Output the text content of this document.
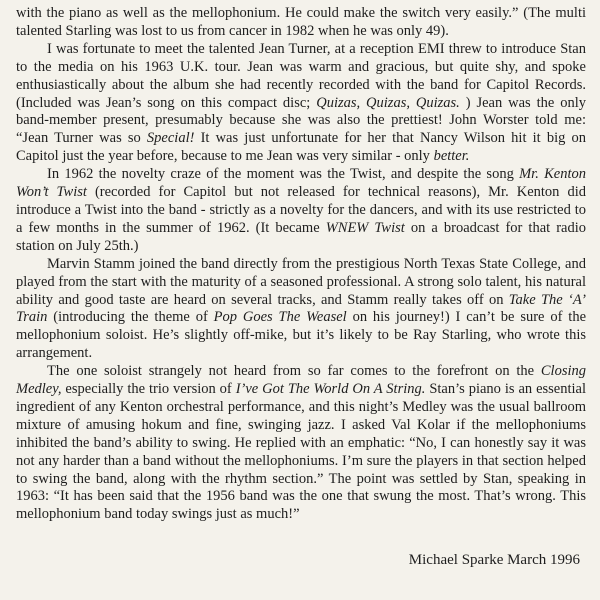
with the piano as well as the mellophonium. He could make the switch very easily.” (The multi talented Starling was lost to us from cancer in 1982 when he was only 49).

I was fortunate to meet the talented Jean Turner, at a reception EMI threw to introduce Stan to the media on his 1963 U.K. tour. Jean was warm and gracious, but quite shy, and spoke enthusiastically about the album she had recently recorded with the band for Capitol Records. (Included was Jean’s song on this compact disc; Quizas, Quizas, Quizas. ) Jean was the only band-member present, presumably because she was also the prettiest! John Worster told me: “Jean Turner was so Special! It was just unfortunate for her that Nancy Wilson hit it big on Capitol just the year before, because to me Jean was very similar - only better.

In 1962 the novelty craze of the moment was the Twist, and despite the song Mr. Kenton Won’t Twist (recorded for Capitol but not released for technical reasons), Mr. Kenton did introduce a Twist into the band - strictly as a novelty for the dancers, and with its use restricted to a few months in the summer of 1962. (It became WNEW Twist on a broadcast for that radio station on July 25th.)

Marvin Stamm joined the band directly from the prestigious North Texas State College, and played from the start with the maturity of a seasoned professional. A strong solo talent, his natural ability and good taste are heard on several tracks, and Stamm really takes off on Take The ‘A’ Train (introducing the theme of Pop Goes The Weasel on his journey!) I can’t be sure of the mellophonium soloist. He’s slightly off-mike, but it’s likely to be Ray Starling, who wrote this arrangement.

The one soloist strangely not heard from so far comes to the forefront on the Closing Medley, especially the trio version of I’ve Got The World On A String. Stan’s piano is an essential ingredient of any Kenton orchestral performance, and this night’s Medley was the usual ballroom mixture of amusing hokum and fine, swinging jazz. I asked Val Kolar if the mellophoniums inhibited the band’s ability to swing. He replied with an emphatic: “No, I can honestly say it was not any harder than a band without the mellophoniums. I’m sure the players in that section helped to swing the band, along with the rhythm section.” The point was settled by Stan, speaking in 1963: “It has been said that the 1956 band was the one that swung the most. That’s wrong. This mellophonium band today swings just as much!”

Michael Sparke March 1996
